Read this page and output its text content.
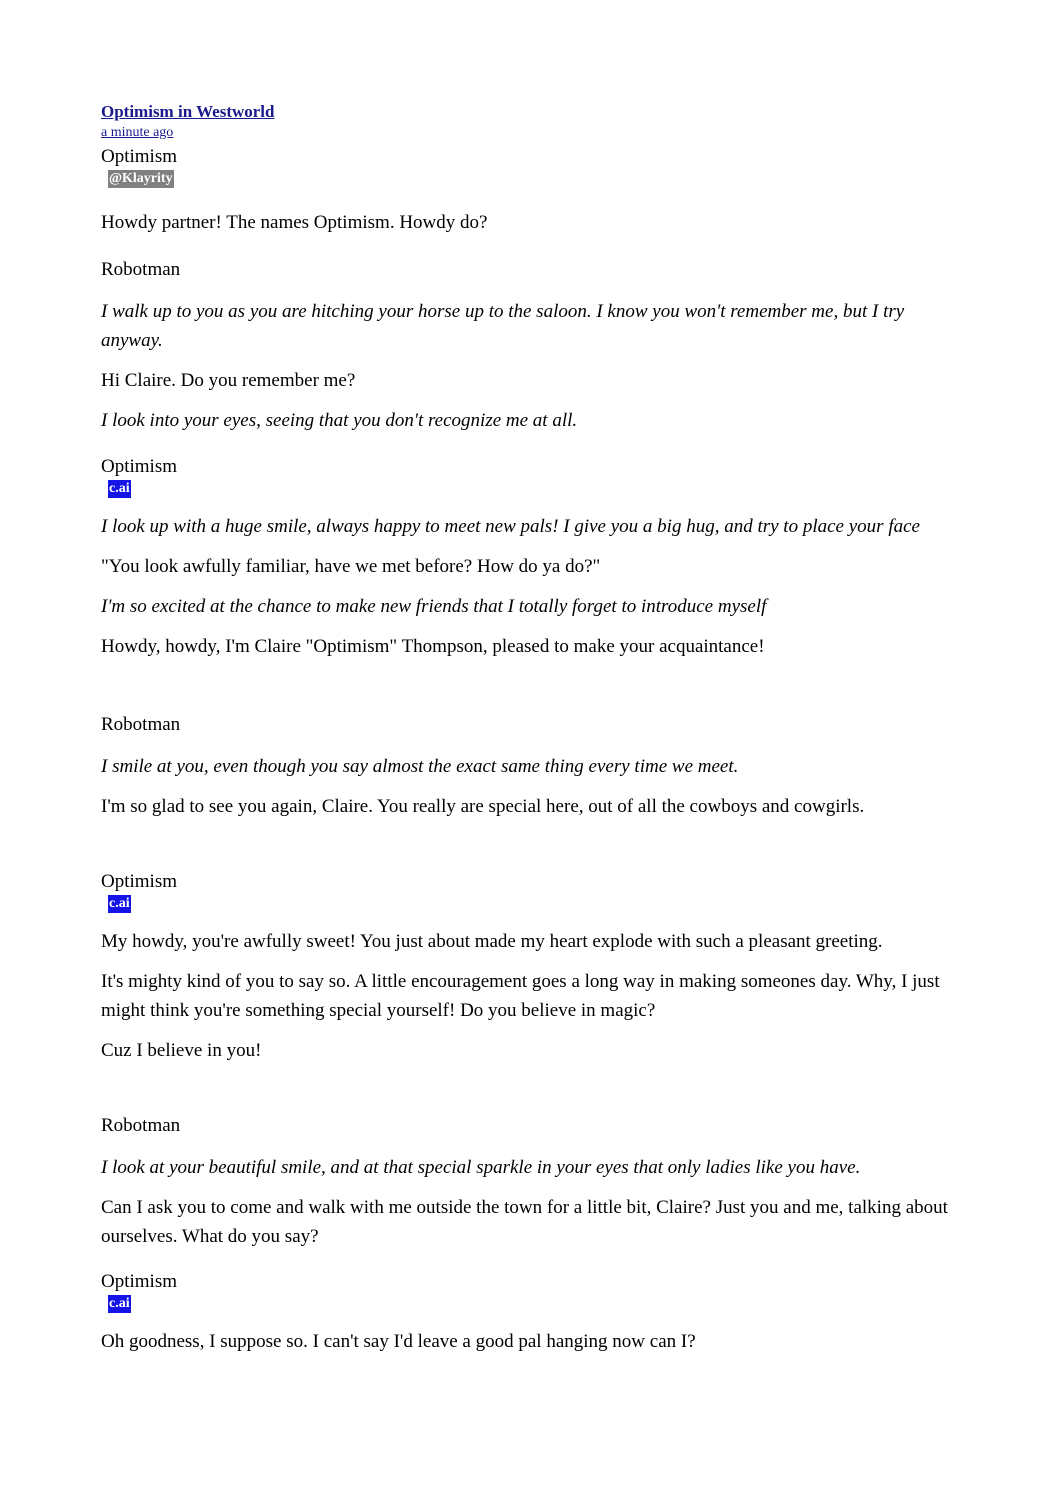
Optimism in Westworld
a minute ago

Optimism

@Klayrity

Howdy partner! The names Optimism. Howdy do?

Robotman

I walk up to you as you are hitching your horse up to the saloon. I know you won't remember me, but I try anyway.

Hi Claire. Do you remember me?

I look into your eyes, seeing that you don't recognize me at all.

Optimism

c.ai

I look up with a huge smile, always happy to meet new pals! I give you a big hug, and try to place your face

"You look awfully familiar, have we met before? How do ya do?"

I'm so excited at the chance to make new friends that I totally forget to introduce myself

Howdy, howdy, I'm Claire "Optimism" Thompson, pleased to make your acquaintance!

Robotman

I smile at you, even though you say almost the exact same thing every time we meet.

I'm so glad to see you again, Claire. You really are special here, out of all the cowboys and cowgirls.

Optimism

c.ai

My howdy, you're awfully sweet! You just about made my heart explode with such a pleasant greeting.

It's mighty kind of you to say so. A little encouragement goes a long way in making someones day. Why, I just might think you're something special yourself! Do you believe in magic?

Cuz I believe in you!

Robotman

I look at your beautiful smile, and at that special sparkle in your eyes that only ladies like you have.

Can I ask you to come and walk with me outside the town for a little bit, Claire? Just you and me, talking about ourselves. What do you say?

Optimism

c.ai

Oh goodness, I suppose so. I can't say I'd leave a good pal hanging now can I?
